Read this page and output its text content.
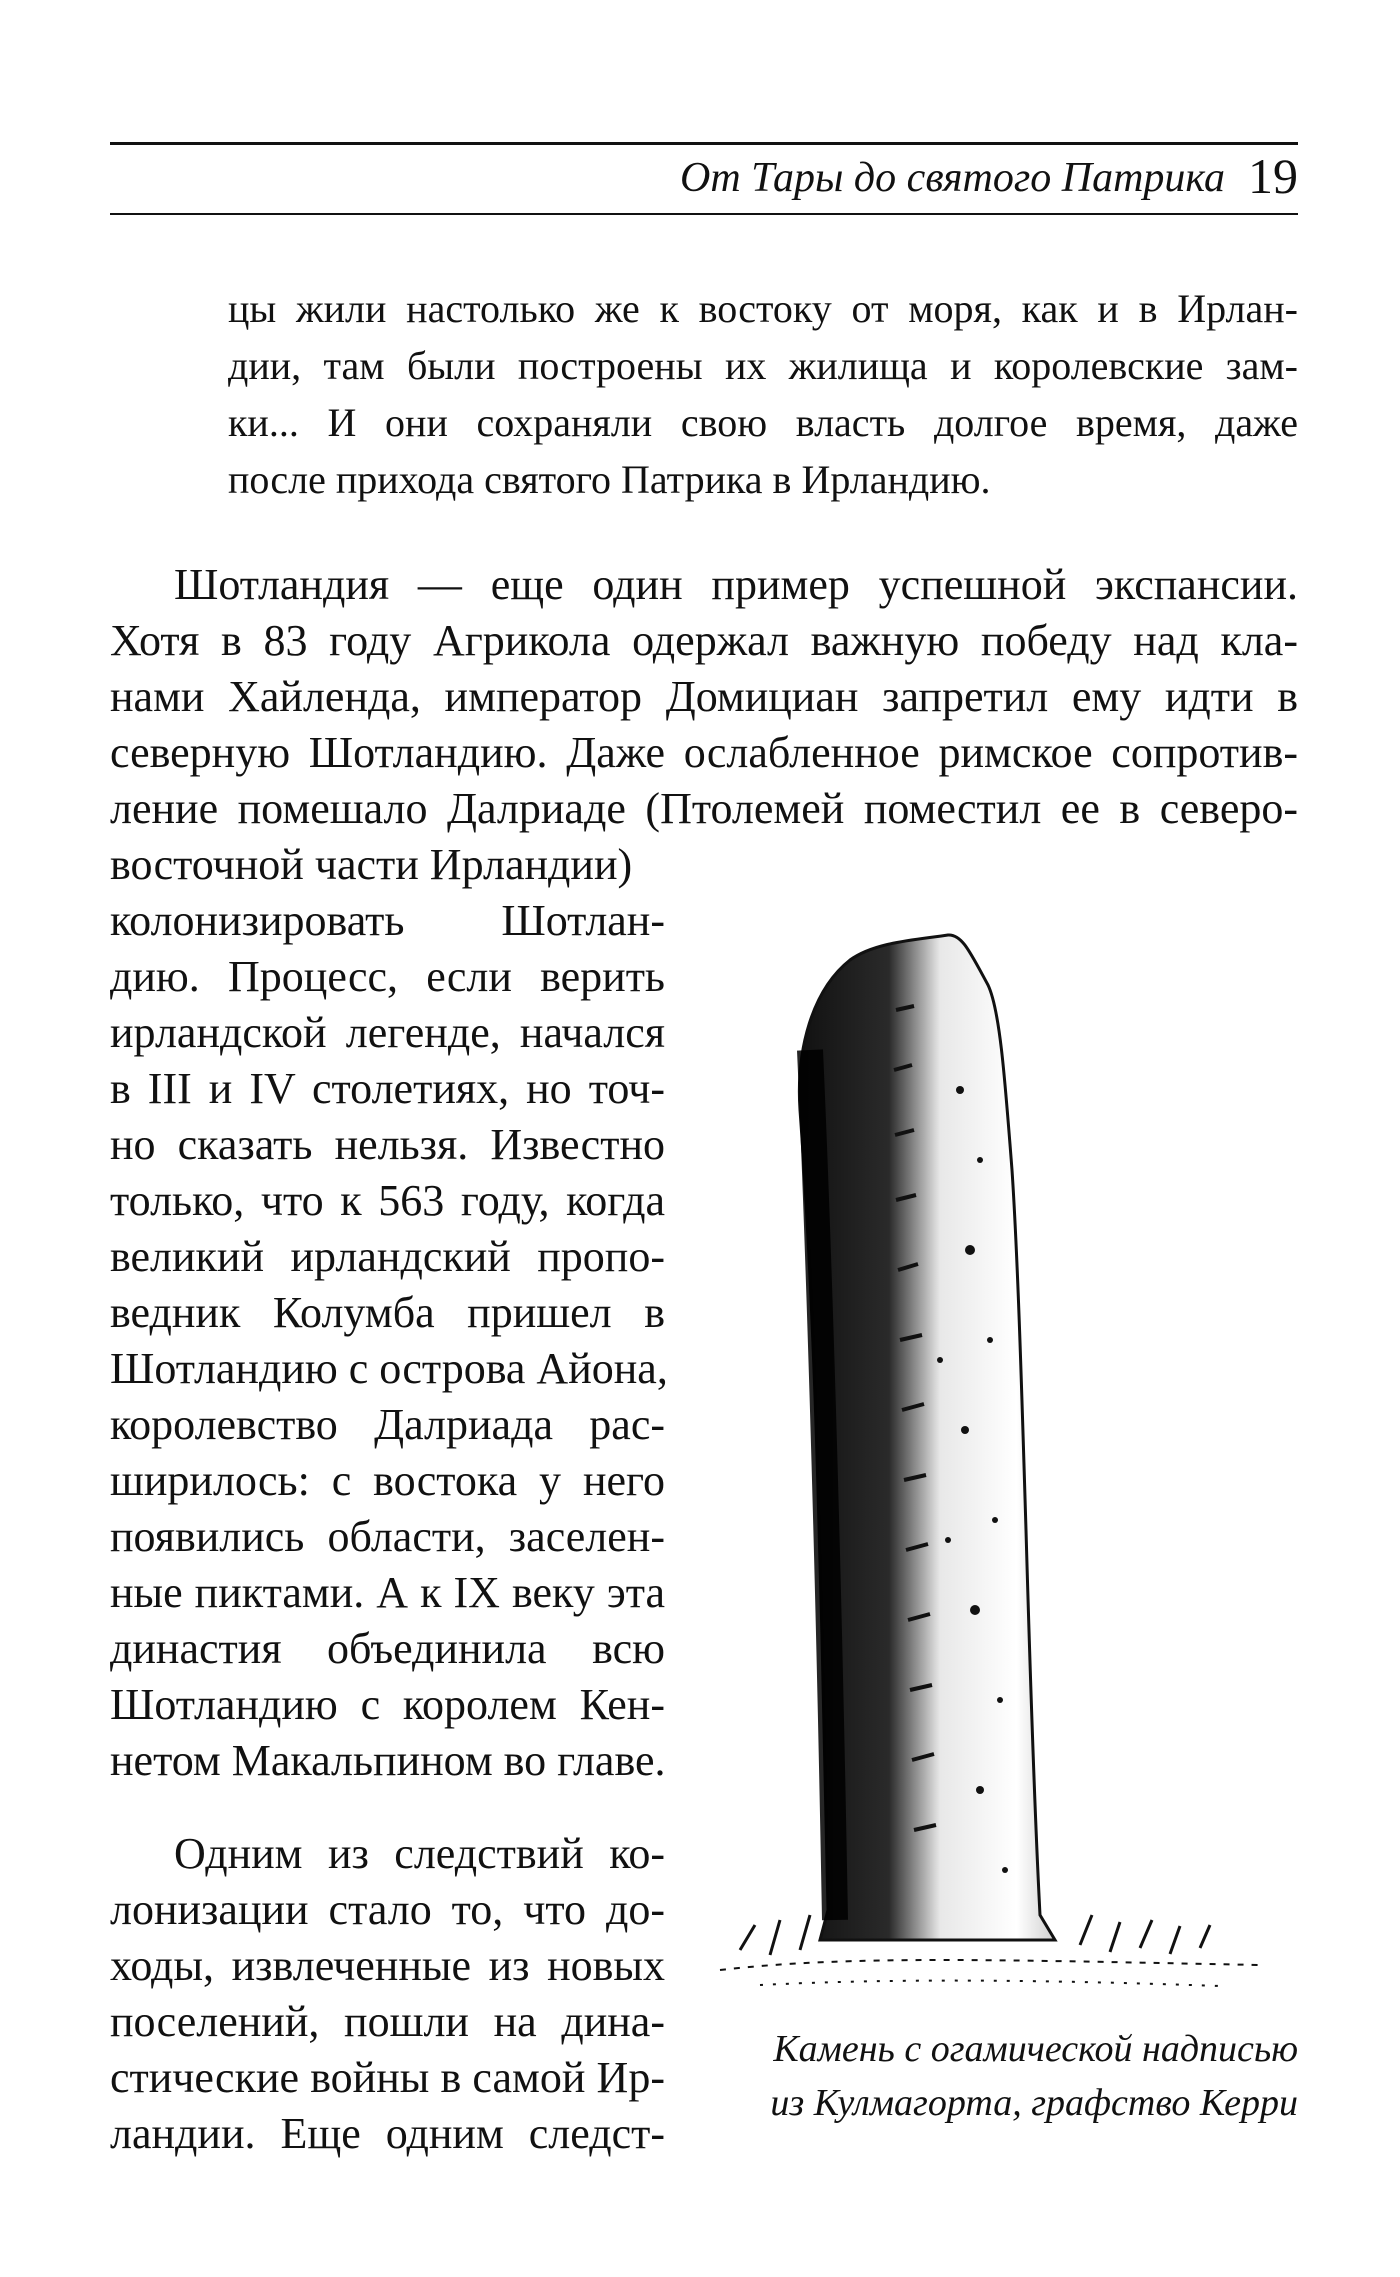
От Тары до святого Патрика 19

цы жили настолько же к востоку от моря, как и в Ирлан-

дии, там были построены их жилища и королевские зам-

ки... И они сохраняли свою власть долгое время, даже

после прихода святого Патрика в Ирландию.

Шотландия — еще один пример успешной экспансии.

Хотя в 83 году Агрикола одержал важную победу над кла-

нами Хайленда, император Домициан запретил ему идти в

северную Шотландию. Даже ослабленное римское сопротив-

ление помешало Далриаде (Птолемей поместил ее в северо-

восточной части Ирландии)

колонизировать Шотлан-

дию. Процесс, если верить

ирландской легенде, начался

в III и IV столетиях, но точ-

но сказать нельзя. Известно

только, что к 563 году, когда

великий ирландский пропо-

ведник Колумба пришел в

Шотландию с острова Айона,

королевство Далриада рас-

ширилось: с востока у него

появились области, заселен-

ные пиктами. А к IX веку эта

династия объединила всю

Шотландию с королем Кен-

нетом Макальпином во главе.

Одним из следствий ко-

лонизации стало то, что до-

ходы, извлеченные из новых

поселений, пошли на дина-

стические войны в самой Ир-

ландии. Еще одним следст-

Камень с огамической надписью
из Кулмагорта, графство Керри
